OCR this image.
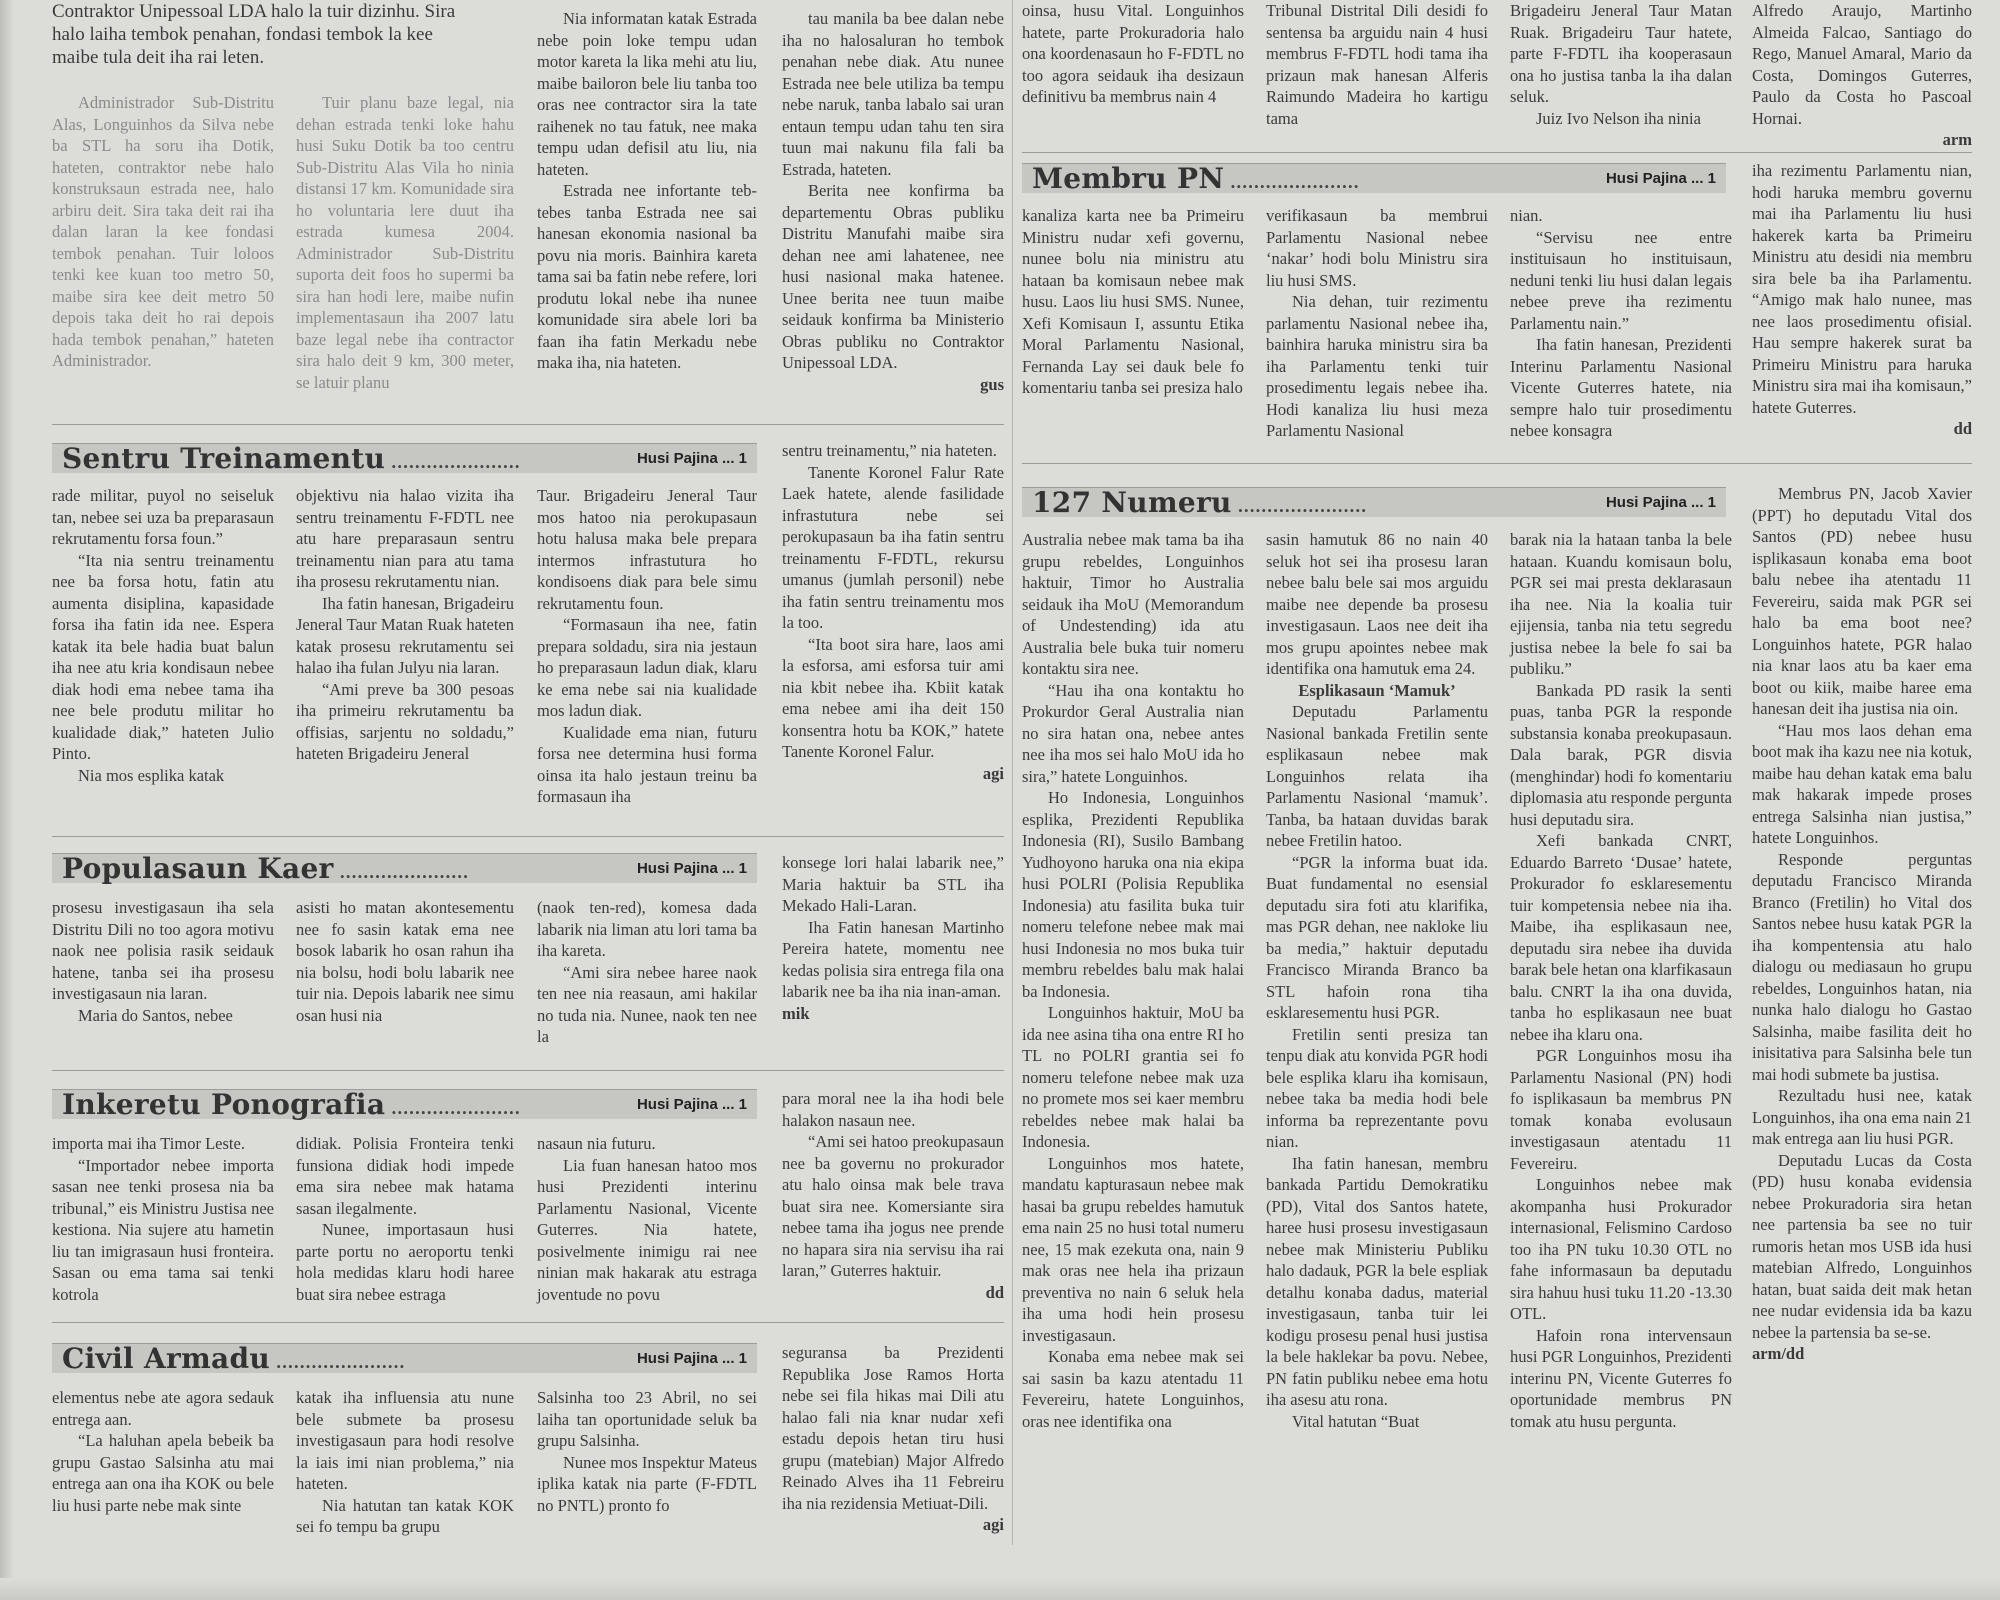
Contraktor Unipessoal LDA halo la tuir dizinhu. Sira
halo laiha tembok penahan, fondasi tembok la kee
maibe tula deit iha rai leten.

Administrador Sub-Distritu Alas, Longuinhos da Silva nebe ba STL ha soru iha Dotik, hateten, contraktor nebe halo konstruksaun estrada nee, halo arbiru deit. Sira taka deit rai iha dalan laran la kee fondasi tembok penahan. Tuir loloos tenki kee kuan too metro 50, maibe sira kee deit metro 50 depois taka deit ho rai depois hada tembok penahan,” hateten Administrador.

Tuir planu baze legal, nia dehan estrada tenki loke hahu husi Suku Dotik ba too centru Sub-Distritu Alas Vila ho ninia distansi 17 km. Komunidade sira ho voluntaria lere duut iha estrada kumesa 2004. Administrador Sub-Distritu suporta deit foos ho supermi ba sira han hodi lere, maibe nufin implementasaun iha 2007 latu baze legal nebe iha contractor sira halo deit 9 km, 300 meter, se latuir planu

Nia informatan katak Estrada nebe poin loke tempu udan motor kareta la lika mehi atu liu, maibe bailoron bele liu tanba too oras nee contractor sira la tate raihenek no tau fatuk, nee maka tempu udan defisil atu liu, nia hateten.

Estrada nee infortante teb-tebes tanba Estrada nee sai hanesan ekonomia nasional ba povu nia moris. Bainhira kareta tama sai ba fatin nebe refere, lori produtu lokal nebe iha nunee komunidade sira abele lori ba faan iha fatin Merkadu nebe maka iha, nia hateten.

tau manila ba bee dalan nebe iha no halosaluran ho tembok penahan nebe diak. Atu nunee Estrada nee bele utiliza ba tempu nebe naruk, tanba labalo sai uran entaun tempu udan tahu ten sira tuun mai nakunu fila fali ba Estrada, hateten.

Berita nee konfirma ba departementu Obras publiku Distritu Manufahi maibe sira dehan nee ami lahatenee, nee husi nasional maka hatenee. Unee berita nee tuun maibe seidauk konfirma ba Ministerio Obras publiku no Contraktor Unipessoal LDA.

gus

oinsa, husu Vital. Longuinhos hatete, parte Prokuradoria halo ona koordenasaun ho F-FDTL no too agora seidauk iha desizaun definitivu ba membrus nain 4

Tribunal Distrital Dili desidi fo sentensa ba arguidu nain 4 husi membrus F-FDTL hodi tama iha prizaun mak hanesan Alferis Raimundo Madeira ho kartigu tama

Brigadeiru Jeneral Taur Matan Ruak. Brigadeiru Taur hatete, parte F-FDTL iha kooperasaun ona ho justisa tanba la iha dalan seluk.

Juiz Ivo Nelson iha ninia

Alfredo Araujo, Martinho Almeida Falcao, Santiago do Rego, Manuel Amaral, Mario da Costa, Domingos Guterres, Paulo da Costa ho Pascoal Hornai.

arm

Membru PN .....	Husi Pajina ... 1

kanaliza karta nee ba Primeiru Ministru nudar xefi governu, nunee bolu nia ministru atu hataan ba komisaun nebee mak husu. Laos liu husi SMS. Nunee, Xefi Komisaun I, assuntu Etika Moral Parlamentu Nasional, Fernanda Lay sei dauk bele fo komentariu tanba sei presiza halo

verifikasaun ba membrui Parlamentu Nasional nebee ‘nakar’ hodi bolu Ministru sira liu husi SMS.

Nia dehan, tuir rezimentu parlamentu Nasional nebee iha, bainhira haruka ministru sira ba iha Parlamentu tenki tuir prosedimentu legais nebee iha. Hodi kanaliza liu husi meza Parlamentu Nasional

nian.

“Servisu nee entre instituisaun ho instituisaun, neduni tenki liu husi dalan legais nebee preve iha rezimentu Parlamentu nain.”

Iha fatin hanesan, Prezidenti Interinu Parlamentu Nasional Vicente Guterres hatete, nia sempre halo tuir prosedimentu nebee konsagra

iha rezimentu Parlamentu nian, hodi haruka membru governu mai iha Parlamentu liu husi hakerek karta ba Primeiru Ministru atu desidi nia membru sira bele ba iha Parlamentu. “Amigo mak halo nunee, mas nee laos prosedimentu ofisial. Hau sempre hakerek surat ba Primeiru Ministru para haruka Ministru sira mai iha komisaun,” hatete Guterres.

dd

Sentru Treinamentu .....	Husi Pajina ... 1

rade militar, puyol no seiseluk tan, nebee sei uza ba preparasaun rekrutamentu forsa foun.”

“Ita nia sentru treinamentu nee ba forsa hotu, fatin atu aumenta disiplina, kapasidade forsa iha fatin ida nee. Espera katak ita bele hadia buat balun iha nee atu kria kondisaun nebee diak hodi ema nebee tama iha nee bele produtu militar ho kualidade diak,” hateten Julio Pinto.

Nia mos esplika katak

objektivu nia halao vizita iha sentru treinamentu F-FDTL nee atu hare preparasaun sentru treinamentu nian para atu tama iha prosesu rekrutamentu nian.

Iha fatin hanesan, Brigadeiru Jeneral Taur Matan Ruak hateten katak prosesu rekrutamentu sei halao iha fulan Julyu nia laran.

“Ami preve ba 300 pesoas iha primeiru rekrutamentu ba offisias, sarjentu no soldadu,” hateten Brigadeiru Jeneral

Taur. Brigadeiru Jeneral Taur mos hatoo nia perokupasaun hotu halusa maka bele prepara intermos infrastutura ho kondisoens diak para bele simu rekrutamentu foun.

“Formasaun iha nee, fatin prepara soldadu, sira nia jestaun ho preparasaun ladun diak, klaru ke ema nebe sai nia kualidade mos ladun diak.

Kualidade ema nian, futuru forsa nee determina husi forma oinsa ita halo jestaun treinu ba formasaun iha

sentru treinamentu,” nia hateten.

Tanente Koronel Falur Rate Laek hatete, alende fasilidade infrastutura nebe sei perokupasaun ba iha fatin sentru treinamentu F-FDTL, rekursu umanus (jumlah personil) nebe iha fatin sentru treinamentu mos la too.

“Ita boot sira hare, laos ami la esforsa, ami esforsa tuir ami nia kbit nebee iha. Kbiit katak ema nebee ami iha deit 150 konsentra hotu ba KOK,” hatete Tanente Koronel Falur.

agi

Populasaun Kaer .....	Husi Pajina ... 1

prosesu investigasaun iha sela Distritu Dili no too agora motivu naok nee polisia rasik seidauk hatene, tanba sei iha prosesu investigasaun nia laran.

Maria do Santos, nebee

asisti ho matan akontesementu nee fo sasin katak ema nee bosok labarik ho osan rahun iha nia bolsu, hodi bolu labarik nee tuir nia. Depois labarik nee simu osan husi nia

(naok ten-red), komesa dada labarik nia liman atu lori tama ba iha kareta.

“Ami sira nebee haree naok ten nee nia reasaun, ami hakilar no tuda nia. Nunee, naok ten nee la

konsege lori halai labarik nee,” Maria haktuir ba STL iha Mekado Hali-Laran.

Iha Fatin hanesan Martinho Pereira hatete, momentu nee kedas polisia sira entrega fila ona labarik nee ba iha nia inan-aman.

mik

Inkeretu Ponografia .....	Husi Pajina ... 1

importa mai iha Timor Leste.

“Importador nebee importa sasan nee tenki prosesa nia ba tribunal,” eis Ministru Justisa nee kestiona. Nia sujere atu hametin liu tan imigrasaun husi fronteira. Sasan ou ema tama sai tenki kotrola

didiak. Polisia Fronteira tenki funsiona didiak hodi impede ema sira nebee mak hatama sasan ilegalmente.

Nunee, importasaun husi parte portu no aeroportu tenki hola medidas klaru hodi haree buat sira nebee estraga

nasaun nia futuru.

Lia fuan hanesan hatoo mos husi Prezidenti interinu Parlamentu Nasional, Vicente Guterres. Nia hatete, posivelmente inimigu rai nee ninian mak hakarak atu estraga joventude no povu

para moral nee la iha hodi bele halakon nasaun nee.

“Ami sei hatoo preokupasaun nee ba governu no prokurador atu halo oinsa mak bele trava buat sira nee. Komersiante sira nebee tama iha jogus nee prende no hapara sira nia servisu iha rai laran,” Guterres haktuir.

dd

Civil Armadu .....	Husi Pajina ... 1

elementus nebe ate agora sedauk entrega aan.

“La haluhan apela bebeik ba grupu Gastao Salsinha atu mai entrega aan ona iha KOK ou bele liu husi parte nebe mak sinte

katak iha influensia atu nune bele submete ba prosesu investigasaun para hodi resolve la iais imi nian problema,” nia hateten.

Nia hatutan tan katak KOK sei fo tempu ba grupu

Salsinha too 23 Abril, no sei laiha tan oportunidade seluk ba grupu Salsinha.

Nunee mos Inspektur Mateus iplika katak nia parte (F-FDTL no PNTL) pronto fo

seguransa ba Prezidenti Republika Jose Ramos Horta nebe sei fila hikas mai Dili atu halao fali nia knar nudar xefi estadu depois hetan tiru husi grupu (matebian) Major Alfredo Reinado Alves iha 11 Febreiru iha nia rezidensia Metiuat-Dili.

agi

127 Numeru .....	Husi Pajina ... 1

Australia nebee mak tama ba iha grupu rebeldes, Longuinhos haktuir, Timor ho Australia seidauk iha MoU (Memorandum of Undestending) ida atu Australia bele buka tuir nomeru kontaktu sira nee.

“Hau iha ona kontaktu ho Prokurdor Geral Australia nian no sira hatan ona, nebee antes nee iha mos sei halo MoU ida ho sira,” hatete Longuinhos.

Ho Indonesia, Longuinhos esplika, Prezidenti Republika Indonesia (RI), Susilo Bambang Yudhoyono haruka ona nia ekipa husi POLRI (Polisia Republika Indonesia) atu fasilita buka tuir nomeru telefone nebee mak mai husi Indonesia no mos buka tuir membru rebeldes balu mak halai ba Indonesia.

Longuinhos haktuir, MoU ba ida nee asina tiha ona entre RI ho TL no POLRI grantia sei fo nomeru telefone nebee mak uza no promete mos sei kaer membru rebeldes nebee mak halai ba Indonesia.

Longuinhos mos hatete, mandatu kapturasaun nebee mak hasai ba grupu rebeldes hamutuk ema nain 25 no husi total numeru nee, 15 mak ezekuta ona, nain 9 mak oras nee hela iha prizaun preventiva no nain 6 seluk hela iha uma hodi hein prosesu investigasaun.

Konaba ema nebee mak sei sai sasin ba kazu atentadu 11 Fevereiru, hatete Longuinhos, oras nee identifika ona

sasin hamutuk 86 no nain 40 seluk hot sei iha prosesu laran nebee balu bele sai mos arguidu maibe nee depende ba prosesu investigasaun. Laos nee deit iha mos grupu apointes nebee mak identifika ona hamutuk ema 24.

Esplikasaun ‘Mamuk’

Deputadu Parlamentu Nasional bankada Fretilin sente esplikasaun nebee mak Longuinhos relata iha Parlamentu Nasional ‘mamuk’. Tanba, ba hataan duvidas barak nebee Fretilin hatoo.

“PGR la informa buat ida. Buat fundamental no esensial deputadu sira foti atu klarifika, mas PGR dehan, nee nakloke liu ba media,” haktuir deputadu Francisco Miranda Branco ba STL hafoin rona tiha esklaresementu husi PGR.

Fretilin senti presiza tan tenpu diak atu konvida PGR hodi bele esplika klaru iha komisaun, nebee taka ba media hodi bele informa ba reprezentante povu nian.

Iha fatin hanesan, membru bankada Partidu Demokratiku (PD), Vital dos Santos hatete, haree husi prosesu investigasaun nebee mak Ministeriu Publiku halo dadauk, PGR la bele espliak detalhu konaba dadus, material investigasaun, tanba tuir lei kodigu prosesu penal husi justisa la bele haklekar ba povu. Nebee, PN fatin publiku nebee ema hotu iha asesu atu rona.

Vital hatutan “Buat

barak nia la hataan tanba la bele hataan. Kuandu komisaun bolu, PGR sei mai presta deklarasaun iha nee. Nia la koalia tuir ejijensia, tanba nia tetu segredu justisa nebee la bele fo sai ba publiku.”

Bankada PD rasik la senti puas, tanba PGR la responde substansia konaba preokupasaun. Dala barak, PGR disvia (menghindar) hodi fo komentariu diplomasia atu responde pergunta husi deputadu sira.

Xefi bankada CNRT, Eduardo Barreto ‘Dusae’ hatete, Prokurador fo esklaresementu tuir kompetensia nebee nia iha. Maibe, iha esplikasaun nee, deputadu sira nebee iha duvida barak bele hetan ona klarfikasaun balu. CNRT la iha ona duvida, tanba ho esplikasaun nee buat nebee iha klaru ona.

PGR Longuinhos mosu iha Parlamentu Nasional (PN) hodi fo isplikasaun ba membrus PN tomak konaba evolusaun investigasaun atentadu 11 Fevereiru.

Longuinhos nebee mak akompanha husi Prokurador internasional, Felismino Cardoso too iha PN tuku 10.30 OTL no fahe informasaun ba deputadu sira hahuu husi tuku 11.20 -13.30 OTL.

Hafoin rona intervensaun husi PGR Longuinhos, Prezidenti interinu PN, Vicente Guterres fo oportunidade membrus PN tomak atu husu pergunta.

Membrus PN, Jacob Xavier (PPT) ho deputadu Vital dos Santos (PD) nebee husu isplikasaun konaba ema boot balu nebee iha atentadu 11 Fevereiru, saida mak PGR sei halo ba ema boot nee? Longuinhos hatete, PGR halao nia knar laos atu ba kaer ema boot ou kiik, maibe haree ema hanesan deit iha justisa nia oin.

“Hau mos laos dehan ema boot mak iha kazu nee nia kotuk, maibe hau dehan katak ema balu mak hakarak impede proses entrega Salsinha nian justisa,” hatete Longuinhos.

Responde perguntas deputadu Francisco Miranda Branco (Fretilin) ho Vital dos Santos nebee husu katak PGR la iha kompentensia atu halo dialogu ou mediasaun ho grupu rebeldes, Longuinhos hatan, nia nunka halo dialogu ho Gastao Salsinha, maibe fasilita deit ho inisitativa para Salsinha bele tun mai hodi submete ba justisa.

Rezultadu husi nee, katak Longuinhos, iha ona ema nain 21 mak entrega aan liu husi PGR.

Deputadu Lucas da Costa (PD) husu konaba evidensia nebee Prokuradoria sira hetan nee partensia ba see no tuir rumoris hetan mos USB ida husi matebian Alfredo, Longuinhos hatan, buat saida deit mak hetan nee nudar evidensia ida ba kazu nebee la partensia ba se-se.

arm/dd
